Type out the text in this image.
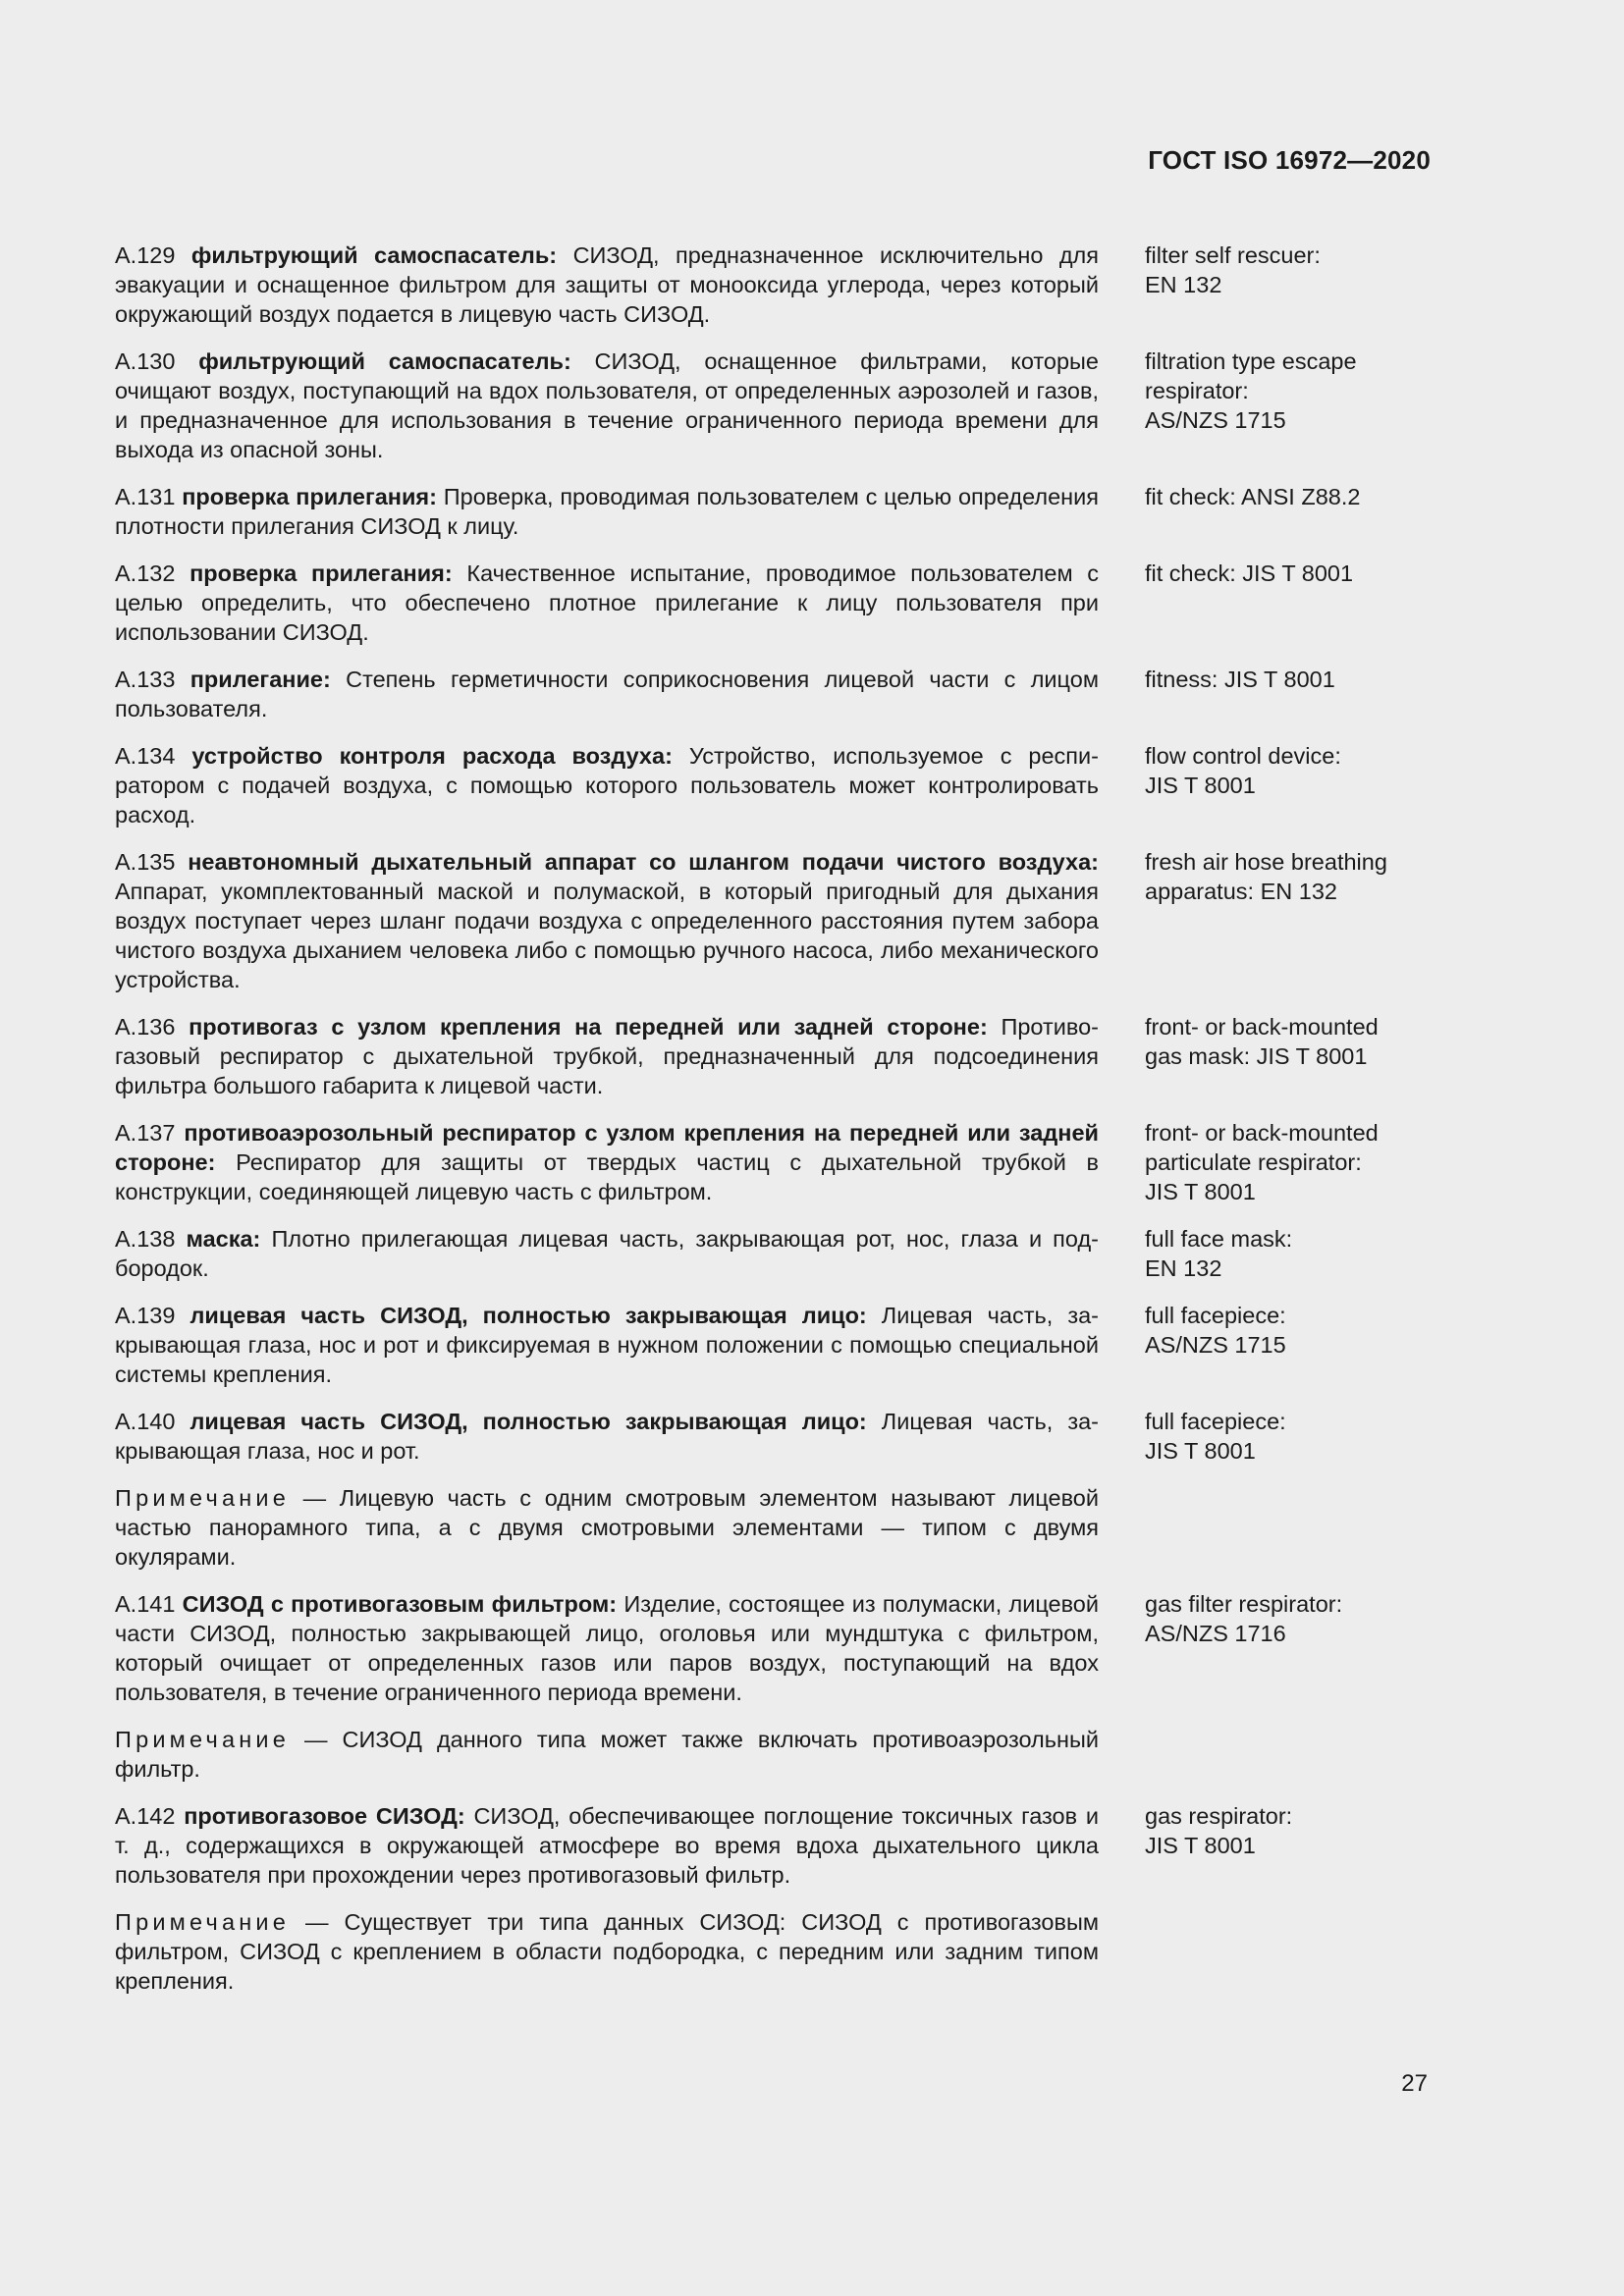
ГОСТ ISO 16972—2020

А.129 фильтрующий самоспасатель: СИЗОД, предназначенное исключительно для эвакуации и оснащенное фильтром для защиты от монооксида углерода, через который окружающий воздух подается в лицевую часть СИЗОД.

filter self rescuer:
EN 132

А.130 фильтрующий самоспасатель: СИЗОД, оснащенное фильтрами, которые очищают воздух, поступающий на вдох пользователя, от определенных аэрозолей и газов, и предназначенное для использования в течение ограниченного периода времени для выхода из опасной зоны.

filtration type escape
respirator:
AS/NZS 1715

А.131 проверка прилегания: Проверка, проводимая пользователем с целью определения плотности прилегания СИЗОД к лицу.

fit check: ANSI Z88.2

А.132 проверка прилегания: Качественное испытание, проводимое пользователем с целью определить, что обеспечено плотное прилегание к лицу пользователя при использовании СИЗОД.

fit check: JIS T 8001

А.133 прилегание: Степень герметичности соприкосновения лицевой части с лицом пользователя.

fitness: JIS T 8001

А.134 устройство контроля расхода воздуха: Устройство, используемое с респиратором с подачей воздуха, с помощью которого пользователь может контролировать расход.

flow control device:
JIS T 8001

А.135 неавтономный дыхательный аппарат со шлангом подачи чистого воздуха: Аппарат, укомплектованный маской и полумаской, в который пригодный для дыхания воздух поступает через шланг подачи воздуха с определенного расстояния путем забора чистого воздуха дыханием человека либо с помощью ручного насоса, либо механического устройства.

fresh air hose breathing
apparatus: EN 132

А.136 противогаз с узлом крепления на передней или задней стороне: Противогазовый респиратор с дыхательной трубкой, предназначенный для подсоединения фильтра большого габарита к лицевой части.

front- or back-mounted
gas mask: JIS T 8001

А.137 противоаэрозольный респиратор с узлом крепления на передней или задней стороне: Респиратор для защиты от твердых частиц с дыхательной трубкой в конструкции, соединяющей лицевую часть с фильтром.

front- or back-mounted
particulate respirator:
JIS T 8001

А.138 маска: Плотно прилегающая лицевая часть, закрывающая рот, нос, глаза и подбородок.

full face mask:
EN 132

А.139 лицевая часть СИЗОД, полностью закрывающая лицо: Лицевая часть, закрывающая глаза, нос и рот и фиксируемая в нужном положении с помощью специальной системы крепления.

full facepiece:
AS/NZS 1715

А.140 лицевая часть СИЗОД, полностью закрывающая лицо: Лицевая часть, закрывающая глаза, нос и рот.

Примечание — Лицевую часть с одним смотровым элементом называют лицевой частью панорамного типа, а с двумя смотровыми элементами — типом с двумя окулярами.

full facepiece:
JIS T 8001

А.141 СИЗОД с противогазовым фильтром: Изделие, состоящее из полумаски, лицевой части СИЗОД, полностью закрывающей лицо, оголовья или мундштука с фильтром, который очищает от определенных газов или паров воздух, поступающий на вдох пользователя, в течение ограниченного периода времени.

Примечание — СИЗОД данного типа может также включать противоаэрозольный фильтр.

gas filter respirator:
AS/NZS 1716

А.142 противогазовое СИЗОД: СИЗОД, обеспечивающее поглощение токсичных газов и т. д., содержащихся в окружающей атмосфере во время вдоха дыхательного цикла пользователя при прохождении через противогазовый фильтр.

Примечание — Существует три типа данных СИЗОД: СИЗОД с противогазовым фильтром, СИЗОД с креплением в области подбородка, с передним или задним типом крепления.

gas respirator:
JIS T 8001
27
